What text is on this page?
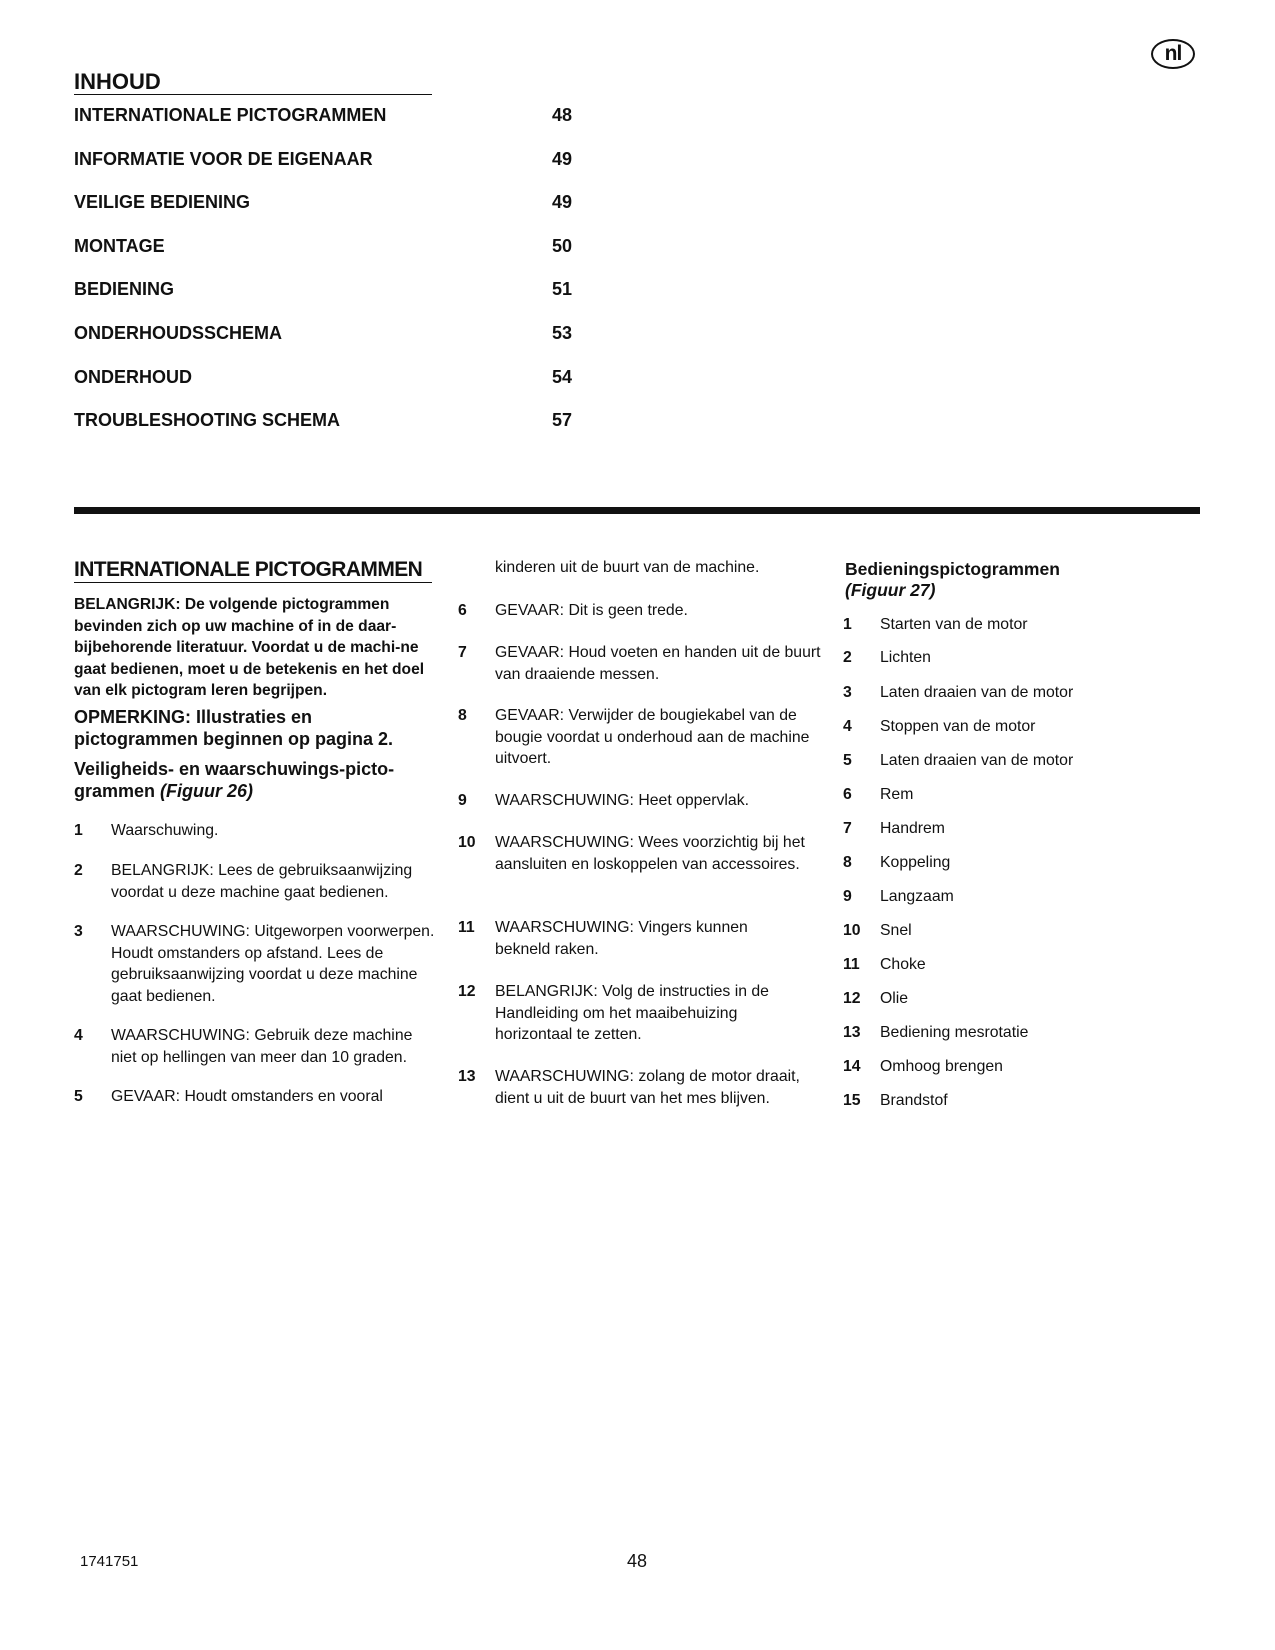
nl
INHOUD
INTERNATIONALE PICTOGRAMMEN	48
INFORMATIE VOOR DE EIGENAAR	49
VEILIGE BEDIENING	49
MONTAGE	50
BEDIENING	51
ONDERHOUDSSCHEMA	53
ONDERHOUD	54
TROUBLESHOOTING SCHEMA	57
INTERNATIONALE PICTOGRAMMEN
BELANGRIJK: De volgende pictogrammen bevinden zich op uw machine of in de daar-bijbehorende literatuur. Voordat u de machi-ne gaat bedienen, moet u de betekenis en het doel van elk pictogram leren begrijpen.
OPMERKING: Illustraties en pictogrammen beginnen op pagina 2.
Veiligheids- en waarschuwings-picto-grammen (Figuur 26)
1 Waarschuwing.
2 BELANGRIJK: Lees de gebruiksaanwijzing voordat u deze machine gaat bedienen.
3 WAARSCHUWING: Uitgeworpen voorwerpen. Houdt omstanders op afstand. Lees de gebruiksaanwijzing voordat u deze machine gaat bedienen.
4 WAARSCHUWING: Gebruik deze machine niet op hellingen van meer dan 10 graden.
5 GEVAAR: Houdt omstanders en vooral
kinderen uit de buurt van de machine.
6 GEVAAR: Dit is geen trede.
7 GEVAAR: Houd voeten en handen uit de buurt van draaiende messen.
8 GEVAAR: Verwijder de bougiekabel van de bougie voordat u onderhoud aan de machine uitvoert.
9 WAARSCHUWING: Heet oppervlak.
10 WAARSCHUWING: Wees voorzichtig bij het aansluiten en loskoppelen van accessoires.
11 WAARSCHUWING: Vingers kunnen bekneld raken.
12 BELANGRIJK: Volg de instructies in de Handleiding om het maaibehuizing horizontaal te zetten.
13 WAARSCHUWING: zolang de motor draait, dient u uit de buurt van het mes blijven.
Bedieningspictogrammen
(Figuur 27)
1 Starten van de motor
2 Lichten
3 Laten draaien van de motor
4 Stoppen van de motor
5 Laten draaien van de motor
6 Rem
7 Handrem
8 Koppeling
9 Langzaam
10 Snel
11 Choke
12 Olie
13 Bediening mesrotatie
14 Omhoog brengen
15 Brandstof
1741751	48
